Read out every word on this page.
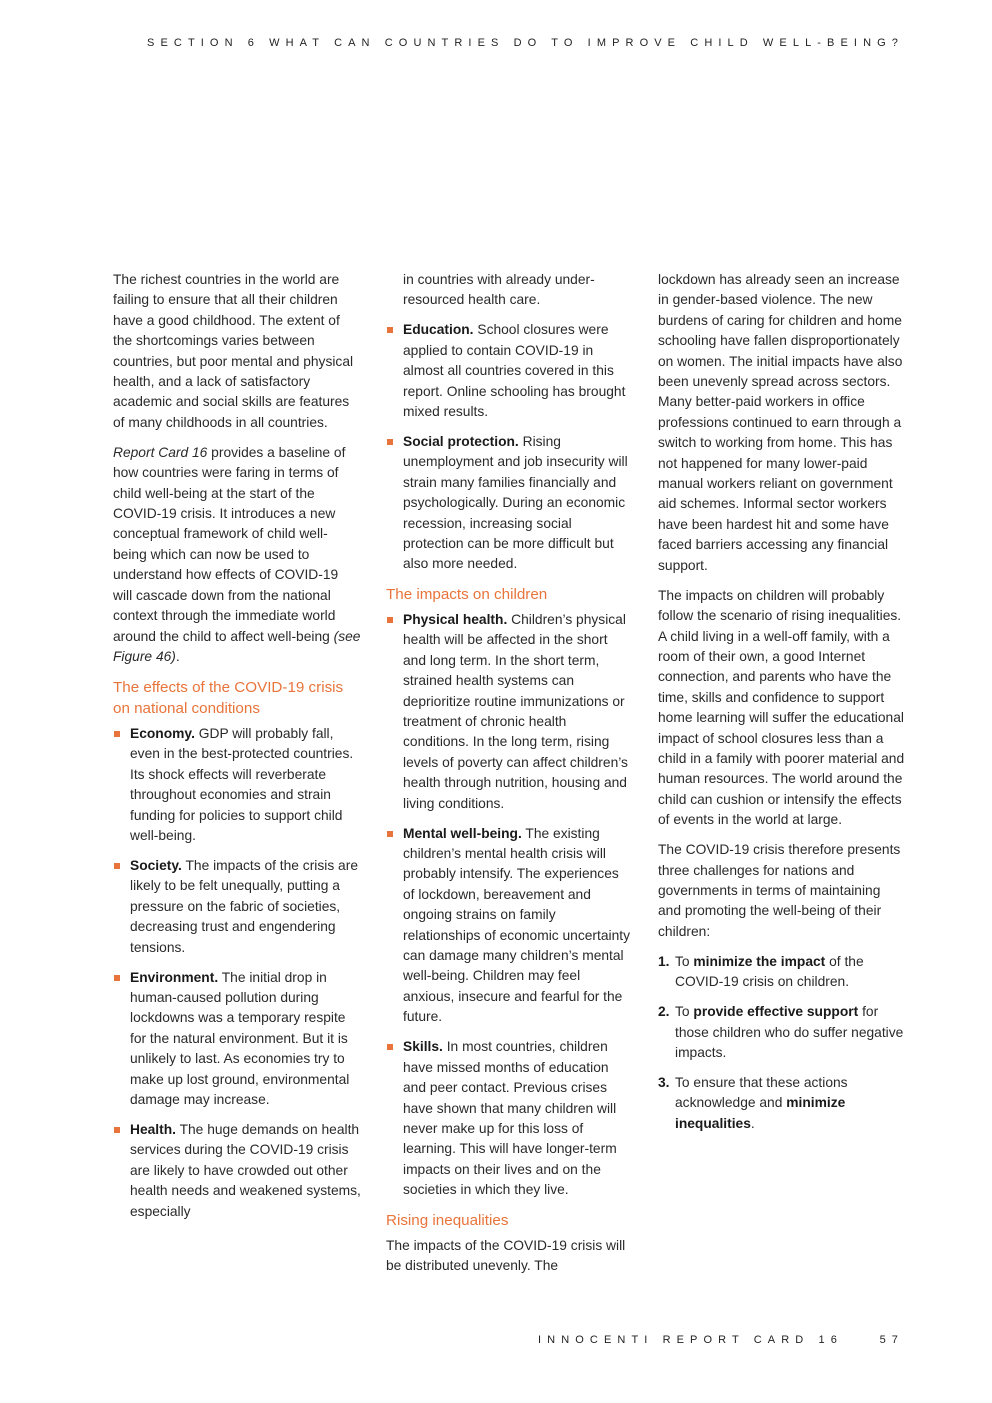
SECTION 6 WHAT CAN COUNTRIES DO TO IMPROVE CHILD WELL-BEING?

The richest countries in the world are failing to ensure that all their children have a good childhood. The extent of the shortcomings varies between countries, but poor mental and physical health, and a lack of satisfactory academic and social skills are features of many childhoods in all countries.

Report Card 16 provides a baseline of how countries were faring in terms of child well-being at the start of the COVID-19 crisis. It introduces a new conceptual framework of child well-being which can now be used to understand how effects of COVID-19 will cascade down from the national context through the immediate world around the child to affect well-being (see Figure 46).

The effects of the COVID-19 crisis on national conditions
Economy. GDP will probably fall, even in the best-protected countries. Its shock effects will reverberate throughout economies and strain funding for policies to support child well-being.
Society. The impacts of the crisis are likely to be felt unequally, putting a pressure on the fabric of societies, decreasing trust and engendering tensions.
Environment. The initial drop in human-caused pollution during lockdowns was a temporary respite for the natural environment. But it is unlikely to last. As economies try to make up lost ground, environmental damage may increase.
Health. The huge demands on health services during the COVID-19 crisis are likely to have crowded out other health needs and weakened systems, especially
in countries with already under-resourced health care.
Education. School closures were applied to contain COVID-19 in almost all countries covered in this report. Online schooling has brought mixed results.
Social protection. Rising unemployment and job insecurity will strain many families financially and psychologically. During an economic recession, increasing social protection can be more difficult but also more needed.
The impacts on children
Physical health. Children’s physical health will be affected in the short and long term. In the short term, strained health systems can deprioritize routine immunizations or treatment of chronic health conditions. In the long term, rising levels of poverty can affect children’s health through nutrition, housing and living conditions.
Mental well-being. The existing children’s mental health crisis will probably intensify. The experiences of lockdown, bereavement and ongoing strains on family relationships of economic uncertainty can damage many children’s mental well-being. Children may feel anxious, insecure and fearful for the future.
Skills. In most countries, children have missed months of education and peer contact. Previous crises have shown that many children will never make up for this loss of learning. This will have longer-term impacts on their lives and on the societies in which they live.
Rising inequalities

The impacts of the COVID-19 crisis will be distributed unevenly. The

lockdown has already seen an increase in gender-based violence. The new burdens of caring for children and home schooling have fallen disproportionately on women. The initial impacts have also been unevenly spread across sectors. Many better-paid workers in office professions continued to earn through a switch to working from home. This has not happened for many lower-paid manual workers reliant on government aid schemes. Informal sector workers have been hardest hit and some have faced barriers accessing any financial support.

The impacts on children will probably follow the scenario of rising inequalities. A child living in a well-off family, with a room of their own, a good Internet connection, and parents who have the time, skills and confidence to support home learning will suffer the educational impact of school closures less than a child in a family with poorer material and human resources. The world around the child can cushion or intensify the effects of events in the world at large.

The COVID-19 crisis therefore presents three challenges for nations and governments in terms of maintaining and promoting the well-being of their children:

1. To minimize the impact of the COVID-19 crisis on children.
2. To provide effective support for those children who do suffer negative impacts.
3. To ensure that these actions acknowledge and minimize inequalities.
INNOCENTI REPORT CARD 16	57
